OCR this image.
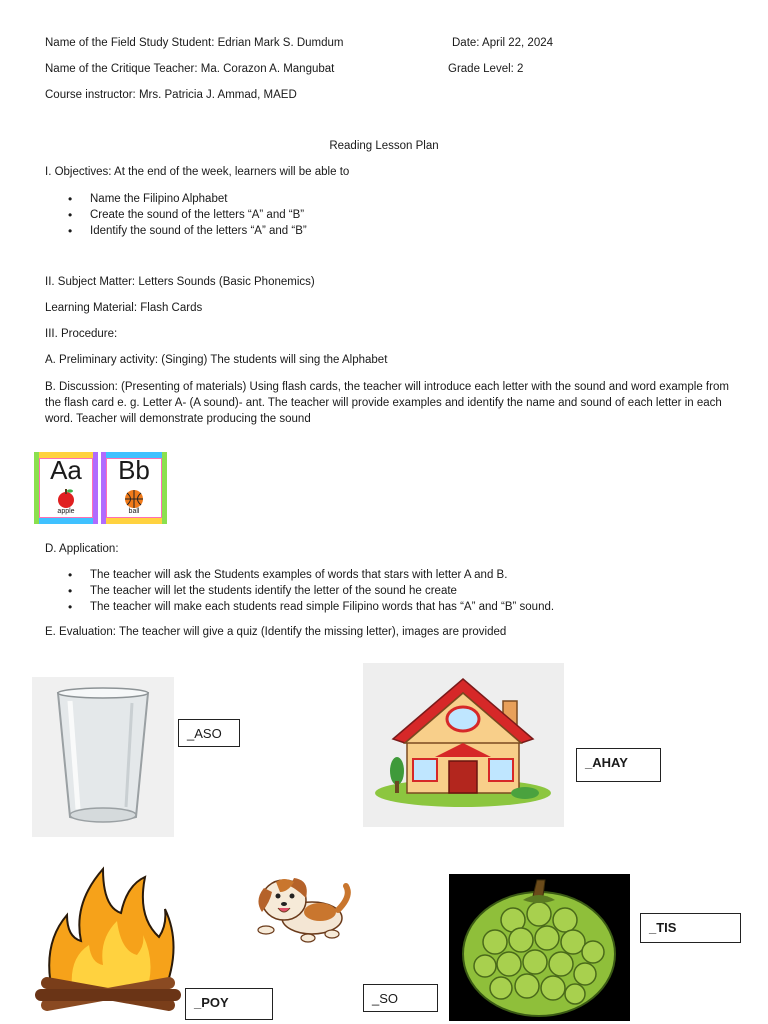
Name of the Field Study Student: Edrian Mark S. Dumdum	Date: April 22, 2024
Name of the Critique Teacher: Ma. Corazon A. Mangubat	Grade Level: 2
Course instructor: Mrs. Patricia J. Ammad, MAED
Reading Lesson Plan
I. Objectives: At the end of the week, learners will be able to
• Name the Filipino Alphabet
• Create the sound of the letters “A” and “B”
• Identify the sound of the letters “A” and “B”
II. Subject Matter: Letters Sounds (Basic Phonemics)
Learning Material: Flash Cards
III. Procedure:
A. Preliminary activity: (Singing) The students will sing the Alphabet
B. Discussion: (Presenting of materials) Using flash cards, the teacher will introduce each letter with the sound and word example from the flash card e. g. Letter A- (A sound)- ant. The teacher will provide examples and identify the name and sound of each letter in each word. Teacher will demonstrate producing the sound
Aa
apple
Bb
ball
D. Application:
• The teacher will ask the Students examples of words that stars with letter A and B.
• The teacher will let the students identify the letter of the sound he create
• The teacher will make each students read simple Filipino words that has “A” and “B” sound.
E. Evaluation: The teacher will give a quiz (Identify the missing letter), images are provided
_ASO
_AHAY
_POY	_SO
_TIS
